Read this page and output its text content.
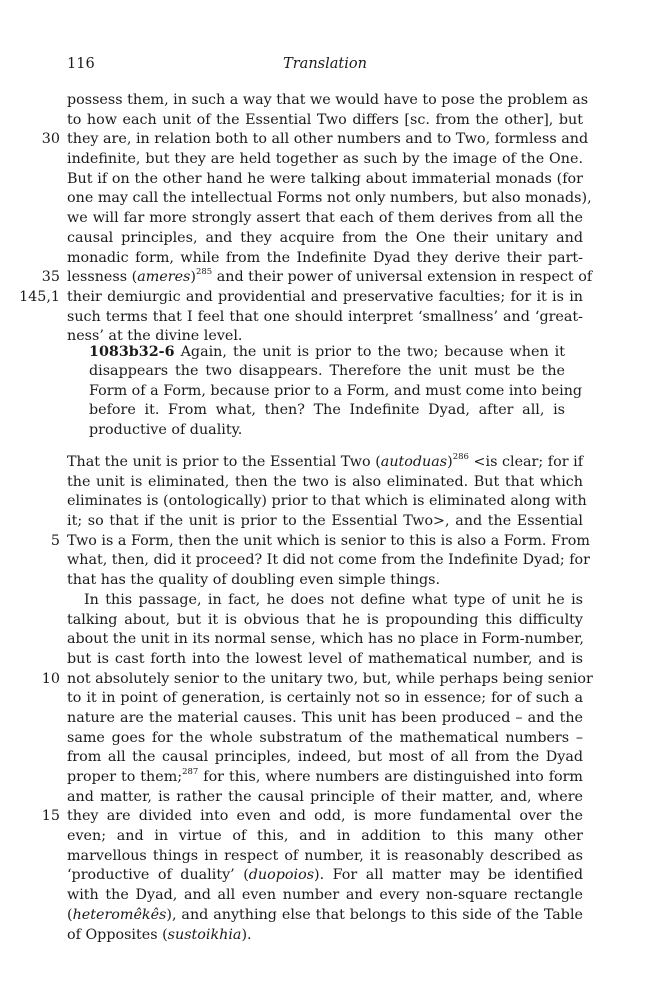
116	Translation
possess them, in such a way that we would have to pose the problem as
to how each unit of the Essential Two differs [sc. from the other], but
30 they are, in relation both to all other numbers and to Two, formless and
indefinite, but they are held together as such by the image of the One.
But if on the other hand he were talking about immaterial monads (for
one may call the intellectual Forms not only numbers, but also monads),
we will far more strongly assert that each of them derives from all the
causal principles, and they acquire from the One their unitary and
monadic form, while from the Indefinite Dyad they derive their part-
35 lessness (ameres)$^{285}$ and their power of universal extension in respect of
145,1 their demiurgic and providential and preservative faculties; for it is in
such terms that I feel that one should interpret ‘smallness’ and ‘great-
ness’ at the divine level.
1083b32-6 Again, the unit is prior to the two; because when it
disappears the two disappears. Therefore the unit must be the
Form of a Form, because prior to a Form, and must come into being
before it. From what, then? The Indefinite Dyad, after all, is
productive of duality.
That the unit is prior to the Essential Two (autoduas)$^{286}$ <is clear; for if
the unit is eliminated, then the two is also eliminated. But that which
eliminates is (ontologically) prior to that which is eliminated along with
it; so that if the unit is prior to the Essential Two>, and the Essential
5 Two is a Form, then the unit which is senior to this is also a Form. From
what, then, did it proceed? It did not come from the Indefinite Dyad; for
that has the quality of doubling even simple things.
In this passage, in fact, he does not define what type of unit he is
talking about, but it is obvious that he is propounding this difficulty
about the unit in its normal sense, which has no place in Form-number,
but is cast forth into the lowest level of mathematical number, and is
10 not absolutely senior to the unitary two, but, while perhaps being senior
to it in point of generation, is certainly not so in essence; for of such a
nature are the material causes. This unit has been produced – and the
same goes for the whole substratum of the mathematical numbers –
from all the causal principles, indeed, but most of all from the Dyad
proper to them;$^{287}$ for this, where numbers are distinguished into form
and matter, is rather the causal principle of their matter, and, where
15 they are divided into even and odd, is more fundamental over the
even; and in virtue of this, and in addition to this many other
marvellous things in respect of number, it is reasonably described as
‘productive of duality’ (duopoios). For all matter may be identified
with the Dyad, and all even number and every non-square rectangle
(heteromêkês), and anything else that belongs to this side of the Table
of Opposites (sustoikhia).
